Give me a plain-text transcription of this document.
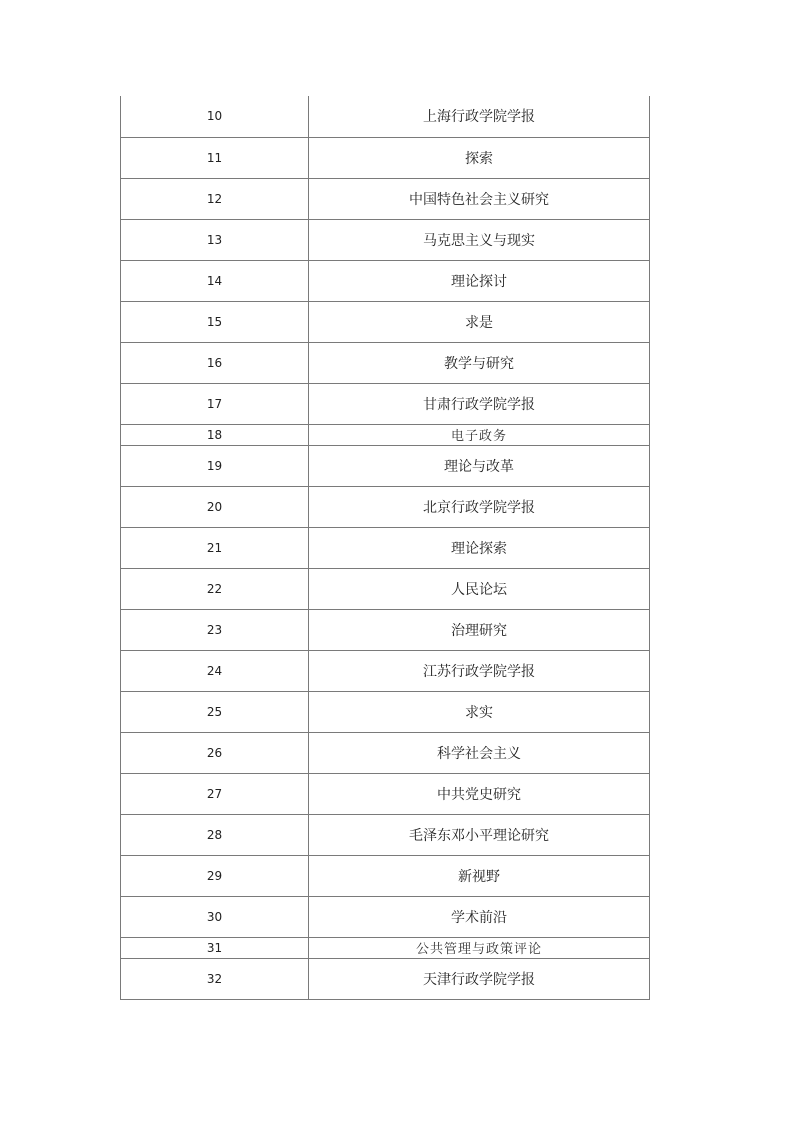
10	上海行政学院学报
11	探索
12	中国特色社会主义研究
13	马克思主义与现实
14	理论探讨
15	求是
16	教学与研究
17	甘肃行政学院学报
18	电子政务
19	理论与改革
20	北京行政学院学报
21	理论探索
22	人民论坛
23	治理研究
24	江苏行政学院学报
25	求实
26	科学社会主义
27	中共党史研究
28	毛泽东邓小平理论研究
29	新视野
30	学术前沿
31	公共管理与政策评论
32	天津行政学院学报
